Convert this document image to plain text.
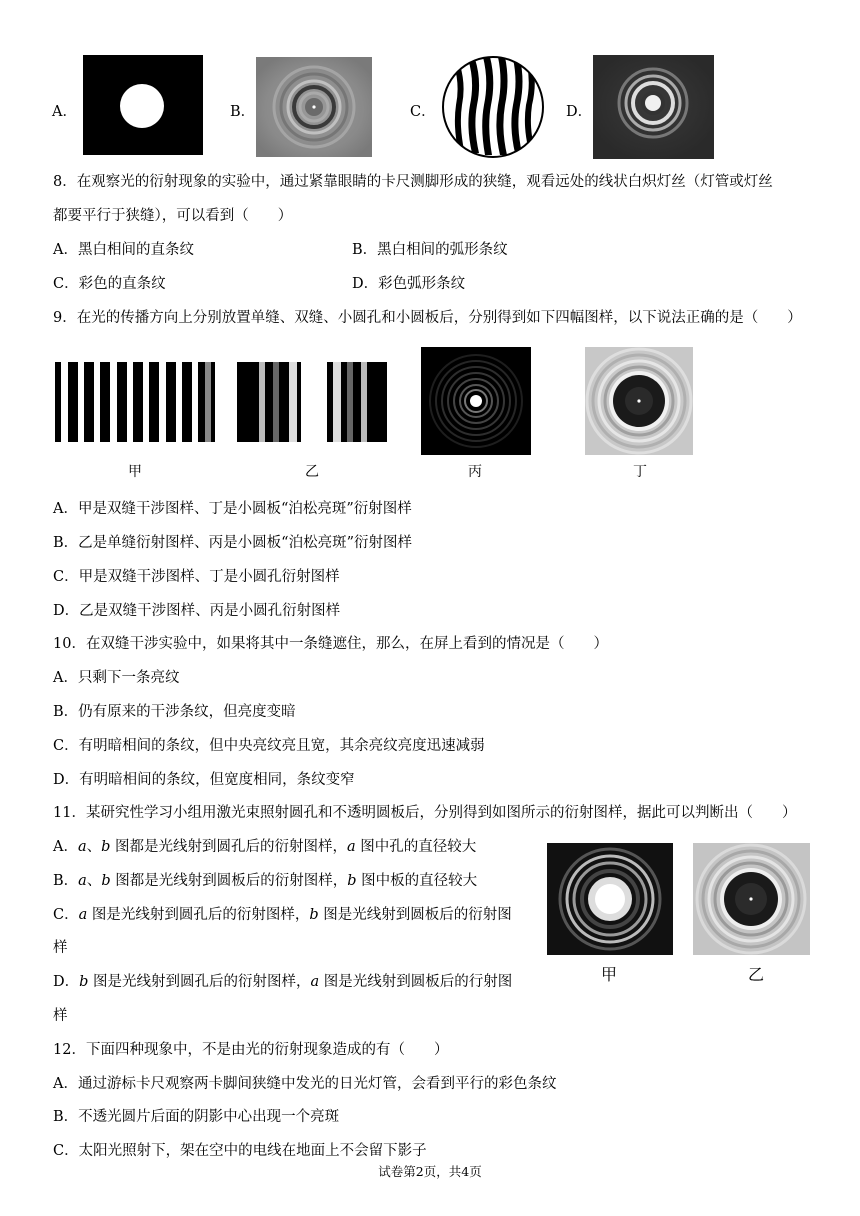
A．	B．	C．	D．
8．在观察光的衍射现象的实验中，通过紧靠眼睛的卡尺测脚形成的狭缝，观看远处的线状白炽灯丝（灯管或灯丝
都要平行于狭缝），可以看到（　　）
A．黑白相间的直条纹	B．黑白相间的弧形条纹
C．彩色的直条纹	D．彩色弧形条纹
9．在光的传播方向上分别放置单缝、双缝、小圆孔和小圆板后，分别得到如下四幅图样，以下说法正确的是（　　）
甲	乙	丙	丁
A．甲是双缝干涉图样、丁是小圆板“泊松亮斑”衍射图样
B．乙是单缝衍射图样、丙是小圆板“泊松亮斑”衍射图样
C．甲是双缝干涉图样、丁是小圆孔衍射图样
D．乙是双缝干涉图样、丙是小圆孔衍射图样
10．在双缝干涉实验中，如果将其中一条缝遮住，那么，在屏上看到的情况是（　　）
A．只剩下一条亮纹
B．仍有原来的干涉条纹，但亮度变暗
C．有明暗相间的条纹，但中央亮纹亮且宽，其余亮纹亮度迅速减弱
D．有明暗相间的条纹，但宽度相同，条纹变窄
11．某研究性学习小组用激光束照射圆孔和不透明圆板后，分别得到如图所示的衍射图样，据此可以判断出（　　）
A．a、b 图都是光线射到圆孔后的衍射图样，a 图中孔的直径较大
B．a、b 图都是光线射到圆板后的衍射图样，b 图中板的直径较大
C．a 图是光线射到圆孔后的衍射图样，b 图是光线射到圆板后的衍射图
样
D．b 图是光线射到圆孔后的衍射图样，a 图是光线射到圆板后的行射图
样
甲	乙
12．下面四种现象中，不是由光的衍射现象造成的有（　　）
A．通过游标卡尺观察两卡脚间狭缝中发光的日光灯管，会看到平行的彩色条纹
B．不透光圆片后面的阴影中心出现一个亮斑
C．太阳光照射下，架在空中的电线在地面上不会留下影子
试卷第2页，共4页
